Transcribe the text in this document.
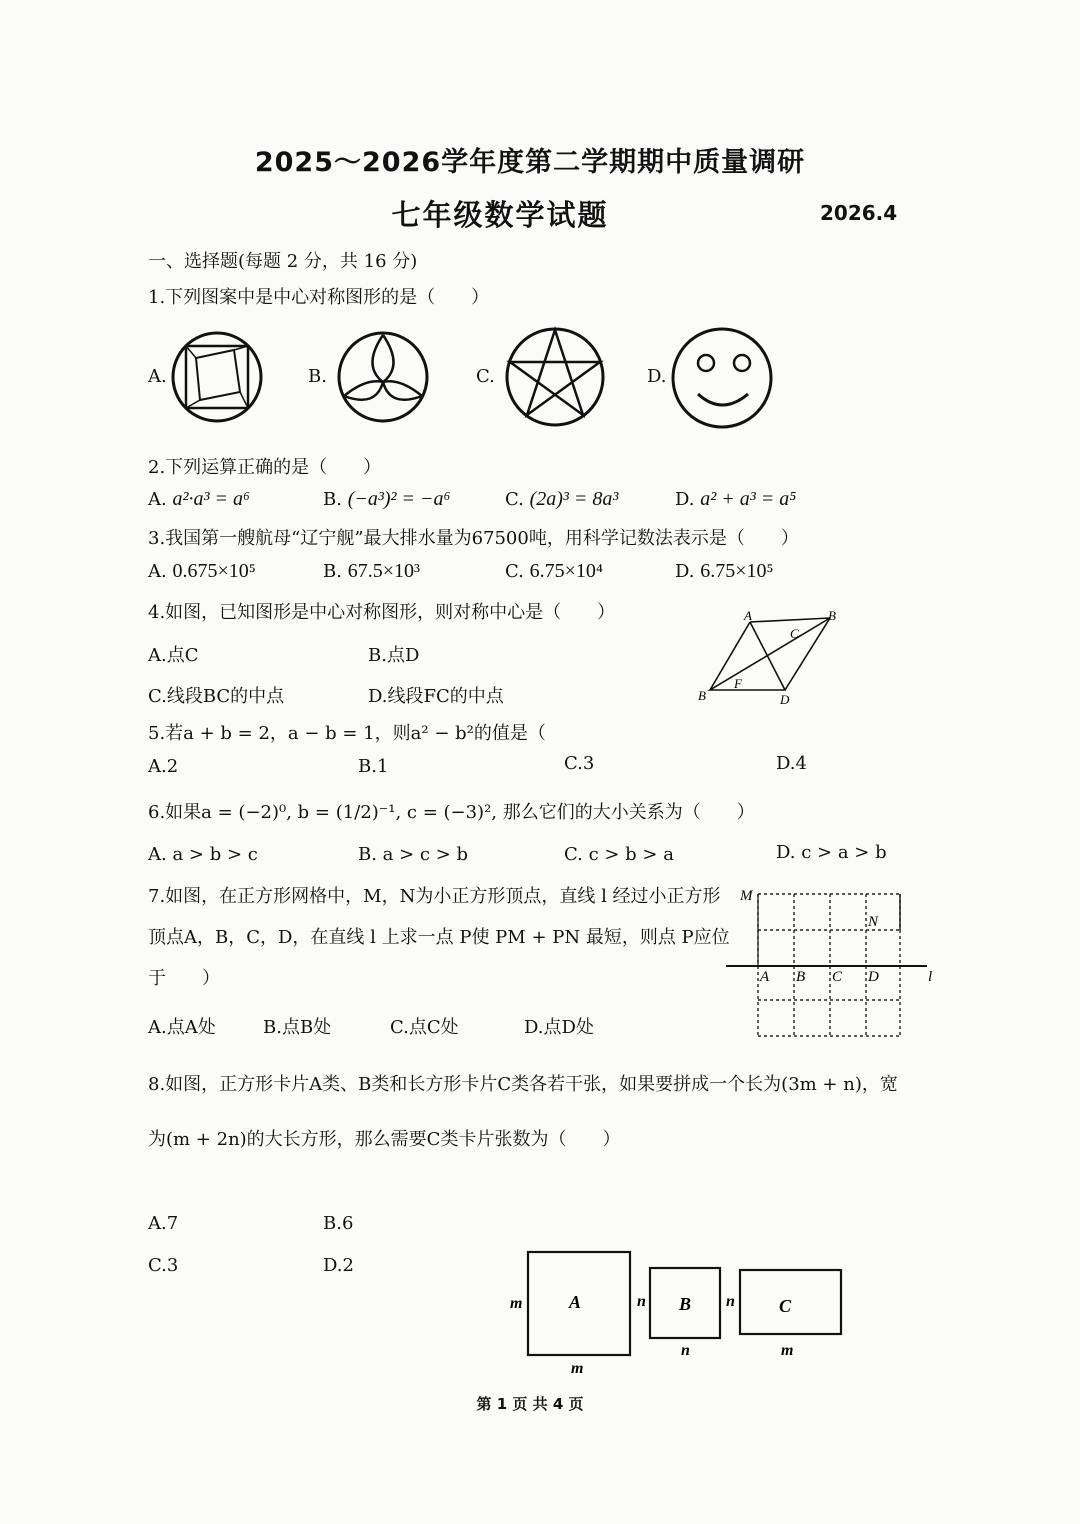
2025～2026学年度第二学期期中质量调研
七年级数学试题	2026.4
一、选择题(每题 2 分，共 16 分)
1.下列图案中是中心对称图形的是（　　）
A.	B.	C.	D.
2.下列运算正确的是（　　）
A. a²·a³ = a⁶	B. (−a³)² = −a⁶	C. (2a)³ = 8a³	D. a² + a³ = a⁵
3.我国第一艘航母“辽宁舰”最大排水量为67500吨，用科学记数法表示是（　　）
A. 0.675×10⁵	B. 67.5×10³	C. 6.75×10⁴	D. 6.75×10⁵
4.如图，已知图形是中心对称图形，则对称中心是（　　）
A.点C	B.点D
C.线段BC的中点	D.线段FC的中点
A	B
C
B
F
D
5.若a + b = 2，a − b = 1，则a² − b²的值是（
A.2	B.1	C.3	D.4
6.如果a = (−2)⁰, b = (1/2)⁻¹, c = (−3)², 那么它们的大小关系为（　　）
A. a > b > c	B. a > c > b	C. c > b > a	D. c > a > b
7.如图，在正方形网格中，M，N为小正方形顶点，直线 l 经过小正方形
顶点A，B，C，D，在直线 l 上求一点 P使 PM + PN 最短，则点 P应位
于　　）
A.点A处	B.点B处	C.点C处	D.点D处
M
N
A B C D	l
8.如图，正方形卡片A类、B类和长方形卡片C类各若干张，如果要拼成一个长为(3m + n)，宽
为(m + 2n)的大长方形，那么需要C类卡片张数为（　　）
A.7	B.6
C.3	D.2
m	A
m
n B
n
n C
m
第 1 页 共 4 页
